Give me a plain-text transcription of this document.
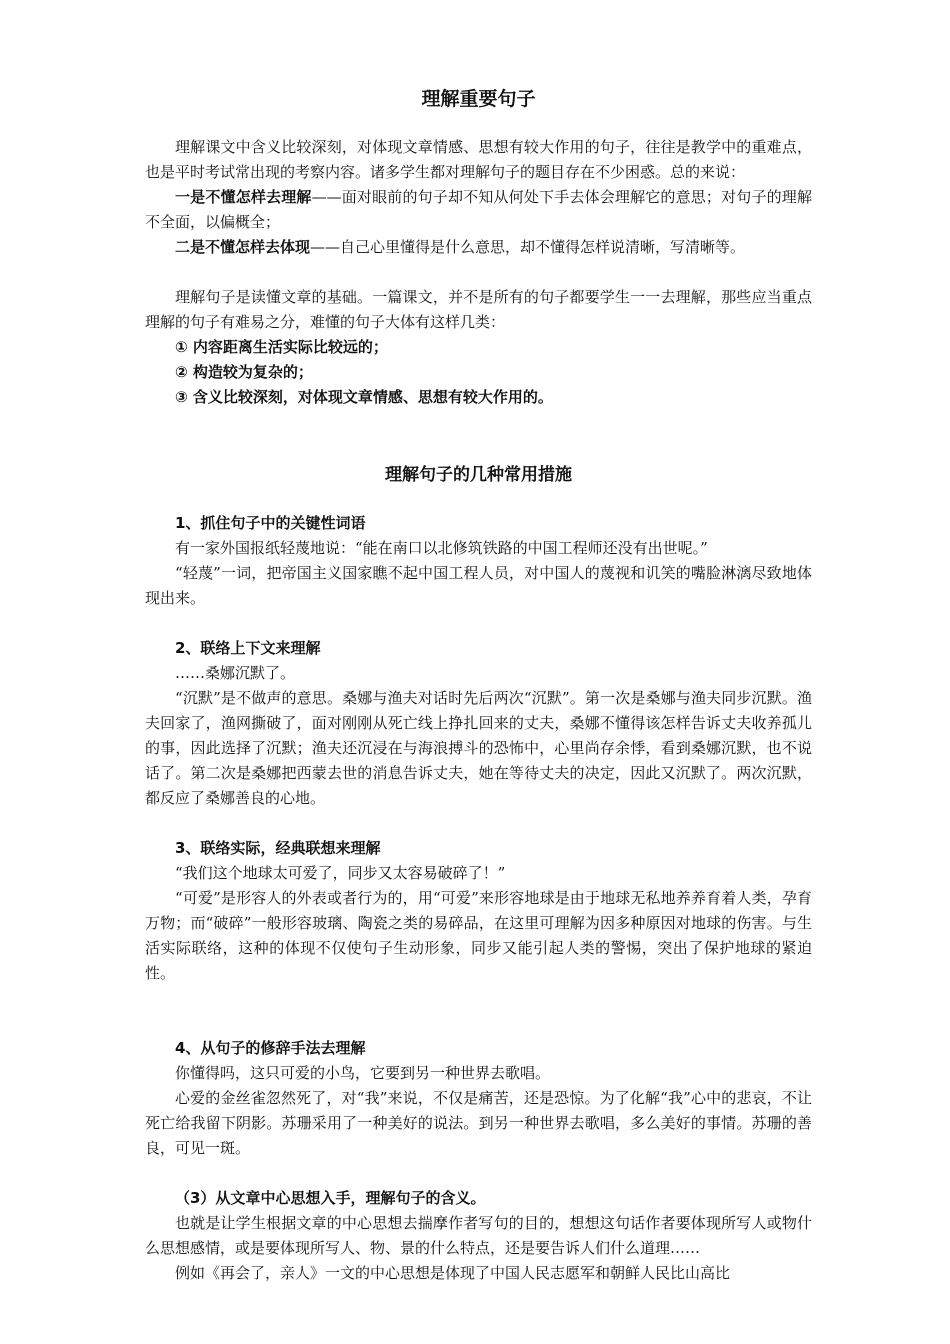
理解重要句子

理解课文中含义比较深刻，对体现文章情感、思想有较大作用的句子，往往是教学中的重难点，也是平时考试常出现的考察内容。诸多学生都对理解句子的题目存在不少困惑。总的来说：

一是不懂怎样去理解——面对眼前的句子却不知从何处下手去体会理解它的意思；对句子的理解不全面，以偏概全；

二是不懂怎样去体现——自己心里懂得是什么意思，却不懂得怎样说清晰，写清晰等。

理解句子是读懂文章的基础。一篇课文，并不是所有的句子都要学生一一去理解，那些应当重点理解的句子有难易之分，难懂的句子大体有这样几类：

① 内容距离生活实际比较远的；

② 构造较为复杂的；

③ 含义比较深刻，对体现文章情感、思想有较大作用的。

理解句子的几种常用措施

1、抓住句子中的关键性词语

有一家外国报纸轻蔑地说：“能在南口以北修筑铁路的中国工程师还没有出世呢。”

“轻蔑”一词，把帝国主义国家瞧不起中国工程人员，对中国人的蔑视和讥笑的嘴脸淋漓尽致地体现出来。

2、联络上下文来理解

……桑娜沉默了。

“沉默”是不做声的意思。桑娜与渔夫对话时先后两次“沉默”。第一次是桑娜与渔夫同步沉默。渔夫回家了，渔网撕破了，面对刚刚从死亡线上挣扎回来的丈夫，桑娜不懂得该怎样告诉丈夫收养孤儿的事，因此选择了沉默；渔夫还沉浸在与海浪搏斗的恐怖中，心里尚存余悸，看到桑娜沉默，也不说话了。第二次是桑娜把西蒙去世的消息告诉丈夫，她在等待丈夫的决定，因此又沉默了。两次沉默，都反应了桑娜善良的心地。

3、联络实际，经典联想来理解

“我们这个地球太可爱了，同步又太容易破碎了！”

“可爱”是形容人的外表或者行为的，用“可爱”来形容地球是由于地球无私地养养育着人类，孕育万物；而“破碎”一般形容玻璃、陶瓷之类的易碎品，在这里可理解为因多种原因对地球的伤害。与生活实际联络，这种的体现不仅使句子生动形象，同步又能引起人类的警惕，突出了保护地球的紧迫性。

4、从句子的修辞手法去理解

你懂得吗，这只可爱的小鸟，它要到另一种世界去歌唱。

心爱的金丝雀忽然死了，对“我”来说，不仅是痛苦，还是恐惊。为了化解“我”心中的悲哀，不让死亡给我留下阴影。苏珊采用了一种美好的说法。到另一种世界去歌唱，多么美好的事情。苏珊的善良，可见一斑。

（3）从文章中心思想入手，理解句子的含义。

也就是让学生根据文章的中心思想去揣摩作者写句的目的，想想这句话作者要体现所写人或物什么思想感情，或是要体现所写人、物、景的什么特点，还是要告诉人们什么道理……

例如《再会了，亲人》一文的中心思想是体现了中国人民志愿军和朝鲜人民比山高比
